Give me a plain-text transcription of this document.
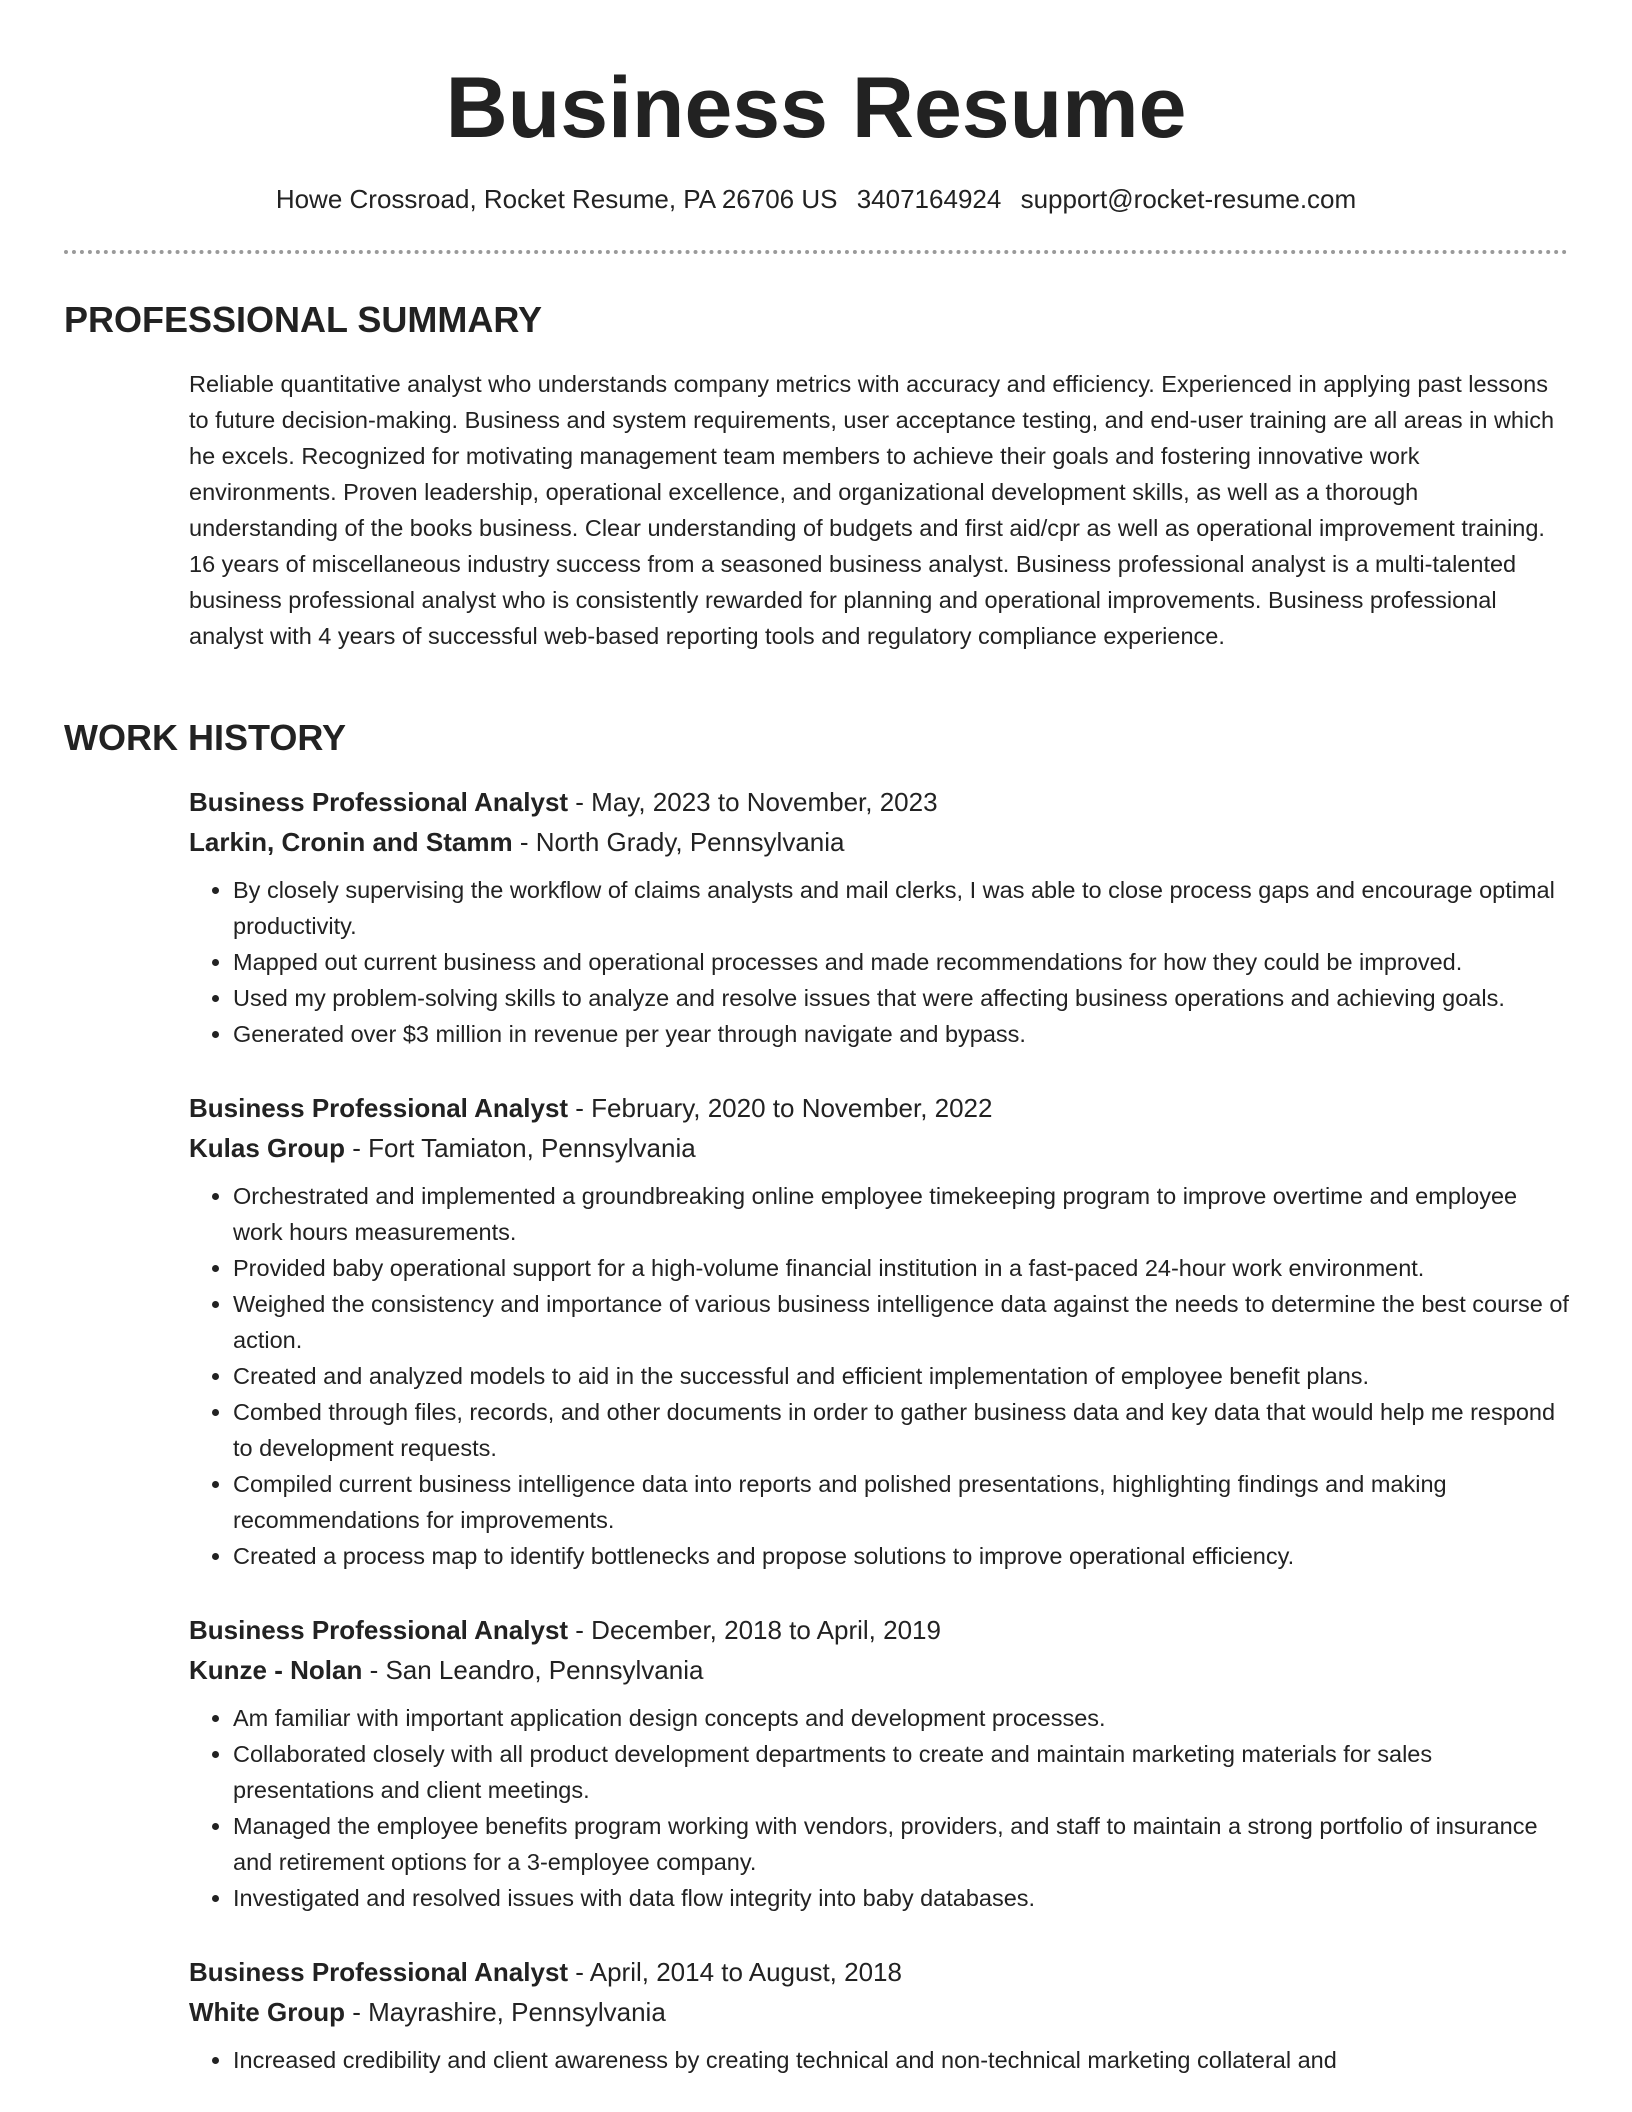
Business Resume
Howe Crossroad, Rocket Resume, PA 26706 US 3407164924 support@rocket-resume.com
PROFESSIONAL SUMMARY

Reliable quantitative analyst who understands company metrics with accuracy and efficiency. Experienced in applying past lessons to future decision-making. Business and system requirements, user acceptance testing, and end-user training are all areas in which he excels. Recognized for motivating management team members to achieve their goals and fostering innovative work environments. Proven leadership, operational excellence, and organizational development skills, as well as a thorough understanding of the books business. Clear understanding of budgets and first aid/cpr as well as operational improvement training. 16 years of miscellaneous industry success from a seasoned business analyst. Business professional analyst is a multi-talented business professional analyst who is consistently rewarded for planning and operational improvements. Business professional analyst with 4 years of successful web-based reporting tools and regulatory compliance experience.

WORK HISTORY
Business Professional Analyst - May, 2023 to November, 2023
Larkin, Cronin and Stamm - North Grady, Pennsylvania
• By closely supervising the workflow of claims analysts and mail clerks, I was able to close process gaps and encourage optimal productivity.
• Mapped out current business and operational processes and made recommendations for how they could be improved.
• Used my problem-solving skills to analyze and resolve issues that were affecting business operations and achieving goals.
• Generated over $3 million in revenue per year through navigate and bypass.
Business Professional Analyst - February, 2020 to November, 2022
Kulas Group - Fort Tamiaton, Pennsylvania
• Orchestrated and implemented a groundbreaking online employee timekeeping program to improve overtime and employee work hours measurements.
• Provided baby operational support for a high-volume financial institution in a fast-paced 24-hour work environment.
• Weighed the consistency and importance of various business intelligence data against the needs to determine the best course of action.
• Created and analyzed models to aid in the successful and efficient implementation of employee benefit plans.
• Combed through files, records, and other documents in order to gather business data and key data that would help me respond to development requests.
• Compiled current business intelligence data into reports and polished presentations, highlighting findings and making recommendations for improvements.
• Created a process map to identify bottlenecks and propose solutions to improve operational efficiency.
Business Professional Analyst - December, 2018 to April, 2019
Kunze - Nolan - San Leandro, Pennsylvania
• Am familiar with important application design concepts and development processes.
• Collaborated closely with all product development departments to create and maintain marketing materials for sales presentations and client meetings.
• Managed the employee benefits program working with vendors, providers, and staff to maintain a strong portfolio of insurance and retirement options for a 3-employee company.
• Investigated and resolved issues with data flow integrity into baby databases.
Business Professional Analyst - April, 2014 to August, 2018
White Group - Mayrashire, Pennsylvania
• Increased credibility and client awareness by creating technical and non-technical marketing collateral and
